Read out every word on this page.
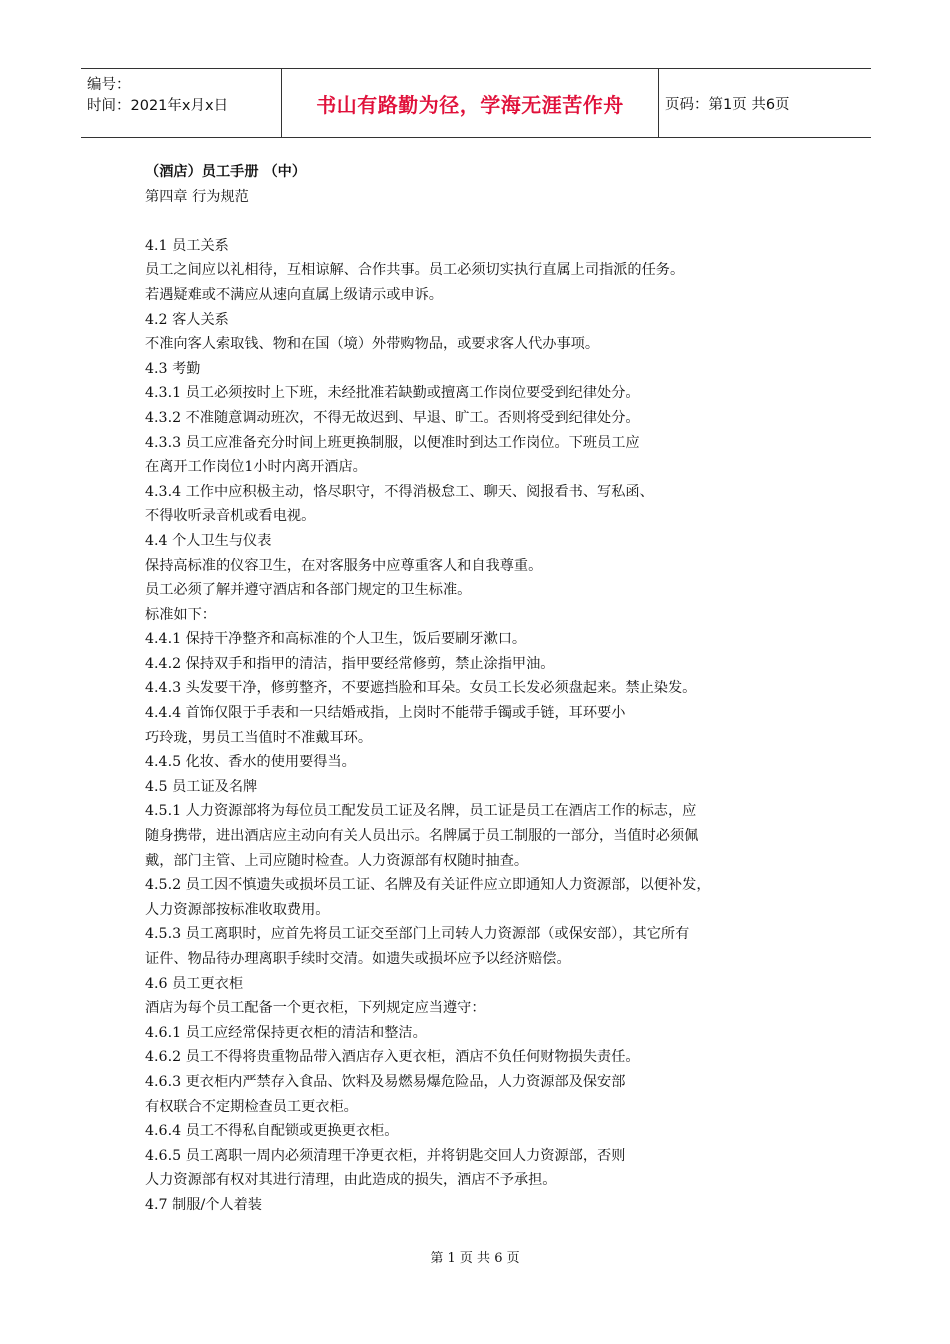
编号：
时间：2021年x月x日	书山有路勤为径，学海无涯苦作舟	页码：第1页 共6页
（酒店）员工手册 （中）
第四章 行为规范
4.1 员工关系
员工之间应以礼相待，互相谅解、合作共事。员工必须切实执行直属上司指派的任务。
若遇疑难或不满应从速向直属上级请示或申诉。
4.2 客人关系
不准向客人索取钱、物和在国（境）外带购物品，或要求客人代办事项。
4.3 考勤
4.3.1 员工必须按时上下班，未经批准若缺勤或擅离工作岗位要受到纪律处分。
4.3.2 不准随意调动班次，不得无故迟到、早退、旷工。否则将受到纪律处分。
4.3.3 员工应准备充分时间上班更换制服，以便准时到达工作岗位。下班员工应
在离开工作岗位1小时内离开酒店。
4.3.4 工作中应积极主动，恪尽职守，不得消极怠工、聊天、阅报看书、写私函、
不得收听录音机或看电视。
4.4 个人卫生与仪表
保持高标准的仪容卫生，在对客服务中应尊重客人和自我尊重。
员工必须了解并遵守酒店和各部门规定的卫生标准。
标准如下：
4.4.1 保持干净整齐和高标准的个人卫生，饭后要刷牙漱口。
4.4.2 保持双手和指甲的清洁，指甲要经常修剪，禁止涂指甲油。
4.4.3 头发要干净，修剪整齐，不要遮挡脸和耳朵。女员工长发必须盘起来。禁止染发。
4.4.4 首饰仅限于手表和一只结婚戒指，上岗时不能带手镯或手链，耳环要小
巧玲珑，男员工当值时不准戴耳环。
4.4.5 化妆、香水的使用要得当。
4.5 员工证及名牌
4.5.1 人力资源部将为每位员工配发员工证及名牌，员工证是员工在酒店工作的标志，应
随身携带，进出酒店应主动向有关人员出示。名牌属于员工制服的一部分，当值时必须佩
戴，部门主管、上司应随时检查。人力资源部有权随时抽查。
4.5.2 员工因不慎遗失或损坏员工证、名牌及有关证件应立即通知人力资源部，以便补发，
人力资源部按标准收取费用。
4.5.3 员工离职时，应首先将员工证交至部门上司转人力资源部（或保安部），其它所有
证件、物品待办理离职手续时交清。如遗失或损坏应予以经济赔偿。
4.6 员工更衣柜
酒店为每个员工配备一个更衣柜，下列规定应当遵守：
4.6.1 员工应经常保持更衣柜的清洁和整洁。
4.6.2 员工不得将贵重物品带入酒店存入更衣柜，酒店不负任何财物损失责任。
4.6.3 更衣柜内严禁存入食品、饮料及易燃易爆危险品，人力资源部及保安部
有权联合不定期检查员工更衣柜。
4.6.4 员工不得私自配锁或更换更衣柜。
4.6.5 员工离职一周内必须清理干净更衣柜，并将钥匙交回人力资源部，否则
人力资源部有权对其进行清理，由此造成的损失，酒店不予承担。
4.7 制服/个人着装
第 1 页 共 6 页
